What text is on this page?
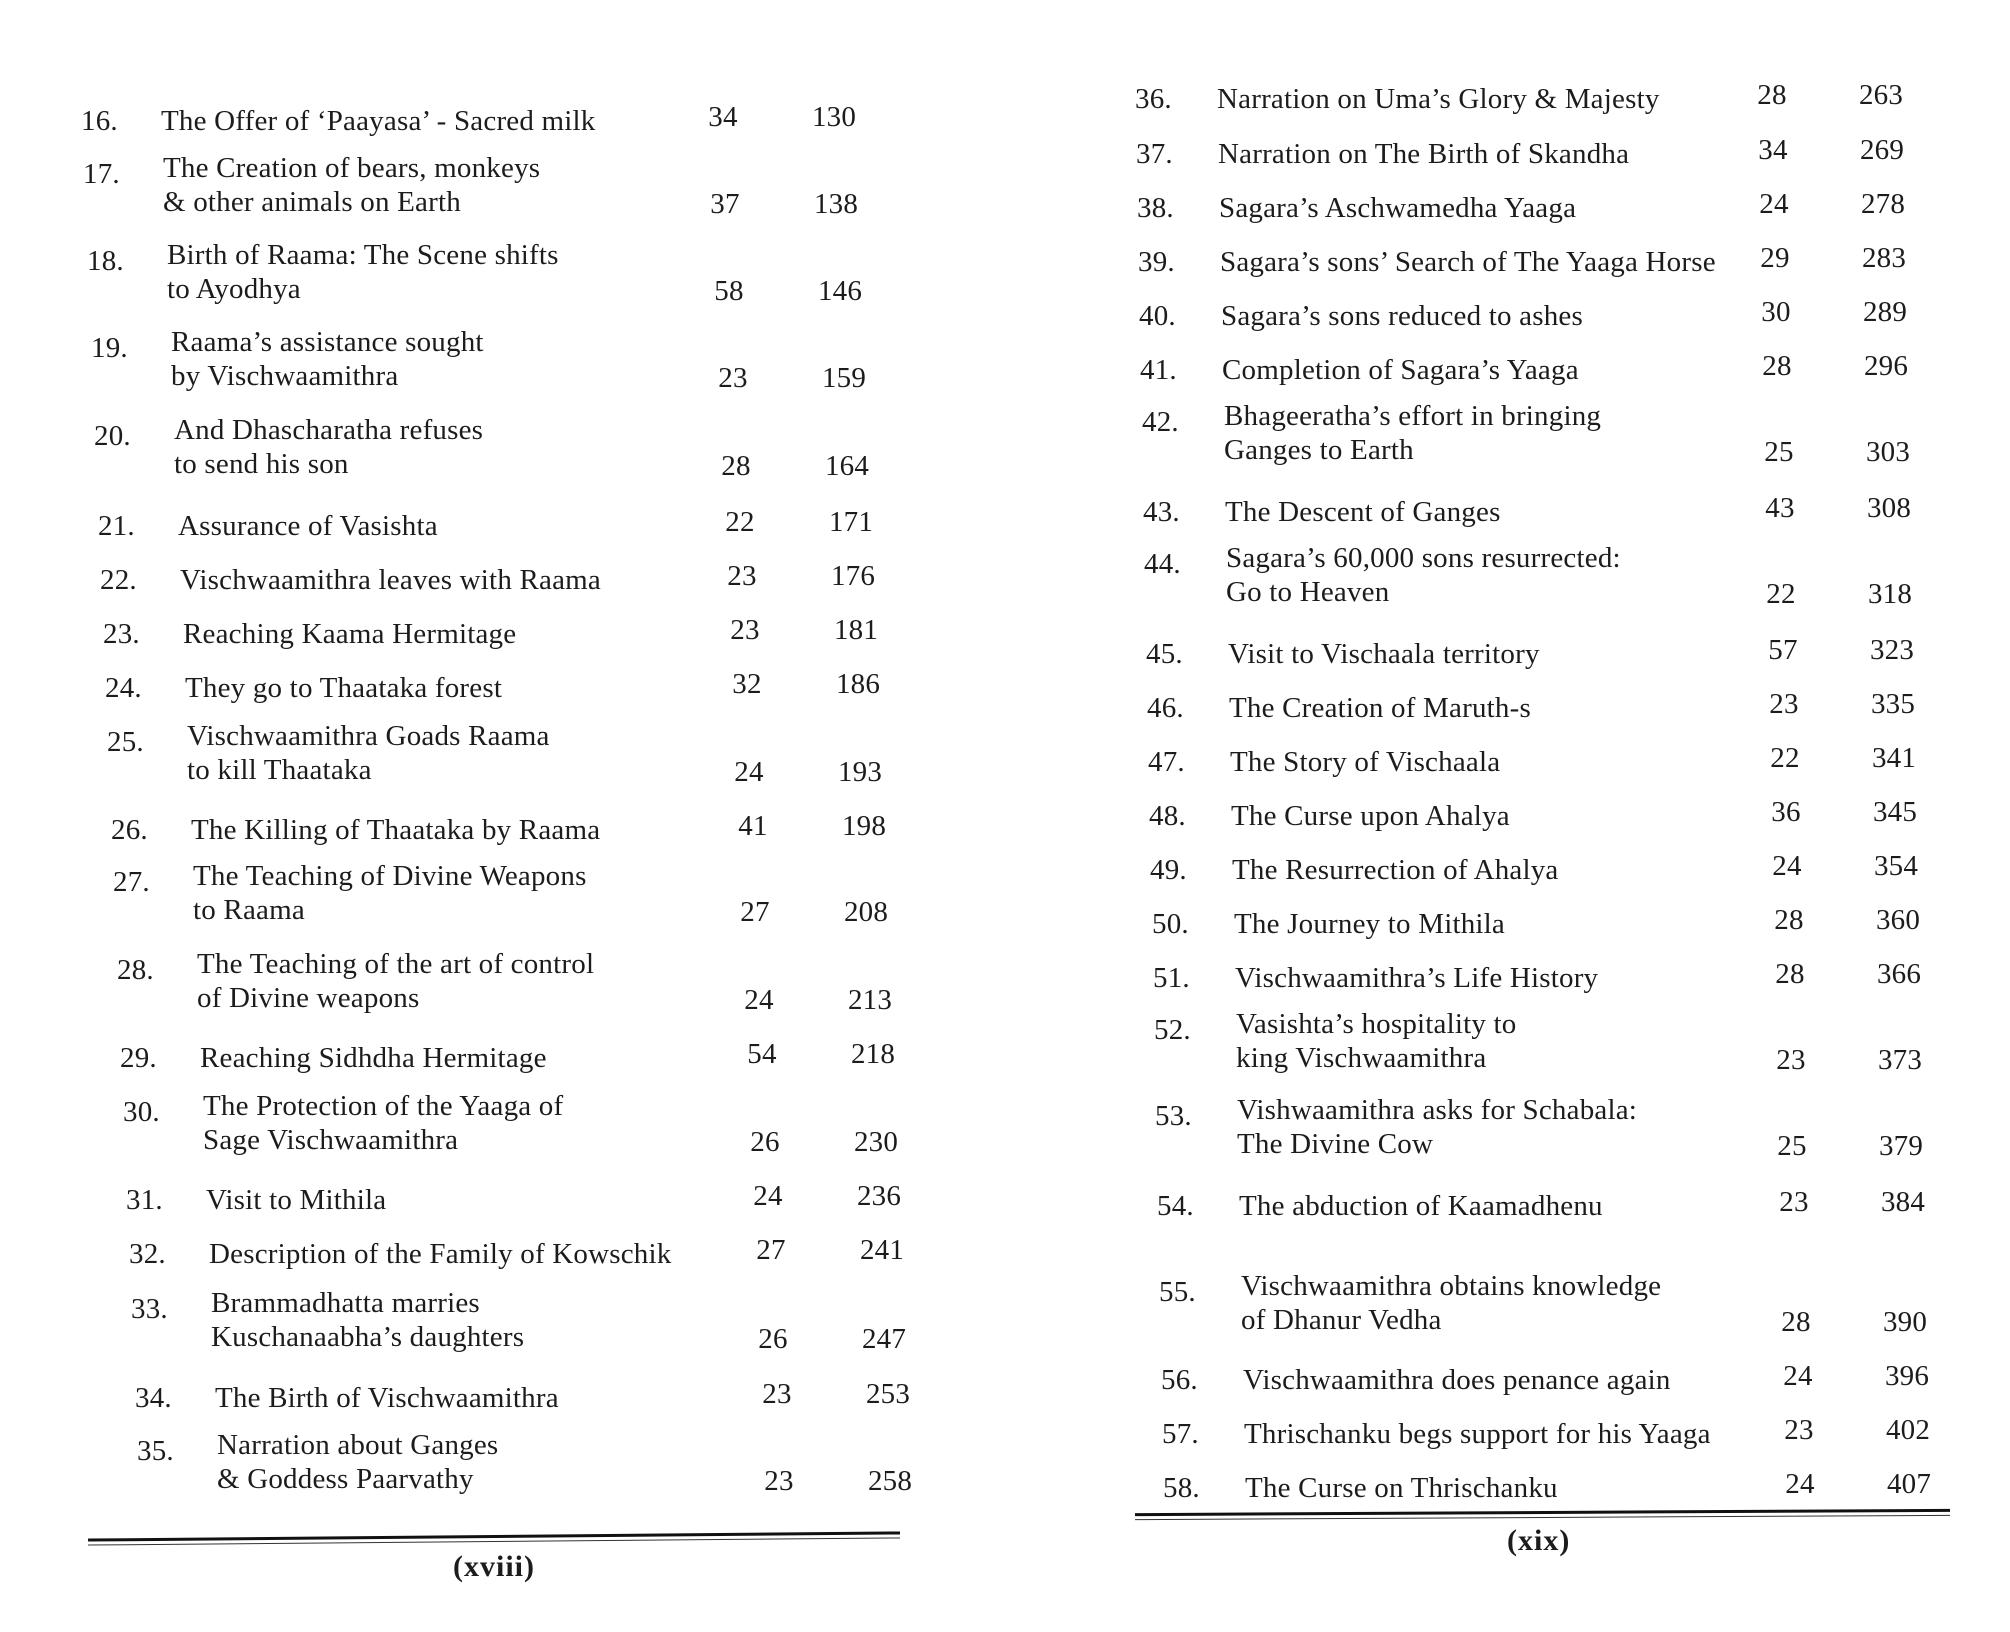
16. The Offer of ‘Paayasa’ - Sacred milk	34	130
17. The Creation of bears, monkeys
& other animals on Earth	37	138
18. Birth of Raama: The Scene shifts
to Ayodhya	58	146
19. Raama’s assistance sought
by Vischwaamithra	23	159
20. And Dhascharatha refuses
to send his son	28	164
21. Assurance of Vasishta	22	171
22. Vischwaamithra leaves with Raama	23	176
23. Reaching Kaama Hermitage	23	181
24. They go to Thaataka forest	32	186
25. Vischwaamithra Goads Raama
to kill Thaataka	24	193
26. The Killing of Thaataka by Raama	41	198
27. The Teaching of Divine Weapons
to Raama	27	208
28. The Teaching of the art of control
of Divine weapons	24	213
29. Reaching Sidhdha Hermitage	54	218
30. The Protection of the Yaaga of
Sage Vischwaamithra	26	230
31. Visit to Mithila	24	236
32. Description of the Family of Kowschik	27	241
33. Brammadhatta marries
Kuschanaabha’s daughters	26	247
34. The Birth of Vischwaamithra	23	253
35. Narration about Ganges
& Goddess Paarvathy	23	258
(xviii)
36. Narration on Uma’s Glory & Majesty	28	263
37. Narration on The Birth of Skandha	34	269
38. Sagara’s Aschwamedha Yaaga	24	278
39. Sagara’s sons’ Search of The Yaaga Horse	29	283
40. Sagara’s sons reduced to ashes	30	289
41. Completion of Sagara’s Yaaga	28	296
42. Bhageeratha’s effort in bringing
Ganges to Earth	25	303
43. The Descent of Ganges	43	308
44. Sagara’s 60,000 sons resurrected:
Go to Heaven	22	318
45. Visit to Vischaala territory	57	323
46. The Creation of Maruth-s	23	335
47. The Story of Vischaala	22	341
48. The Curse upon Ahalya	36	345
49. The Resurrection of Ahalya	24	354
50. The Journey to Mithila	28	360
51. Vischwaamithra’s Life History	28	366
52. Vasishta’s hospitality to
king Vischwaamithra	23	373
53. Vishwaamithra asks for Schabala:
The Divine Cow	25	379
54. The abduction of Kaamadhenu	23	384
55. Vischwaamithra obtains knowledge
of Dhanur Vedha	28	390
56. Vischwaamithra does penance again	24	396
57. Thrischanku begs support for his Yaaga	23	402
58. The Curse on Thrischanku	24	407
(xix)
